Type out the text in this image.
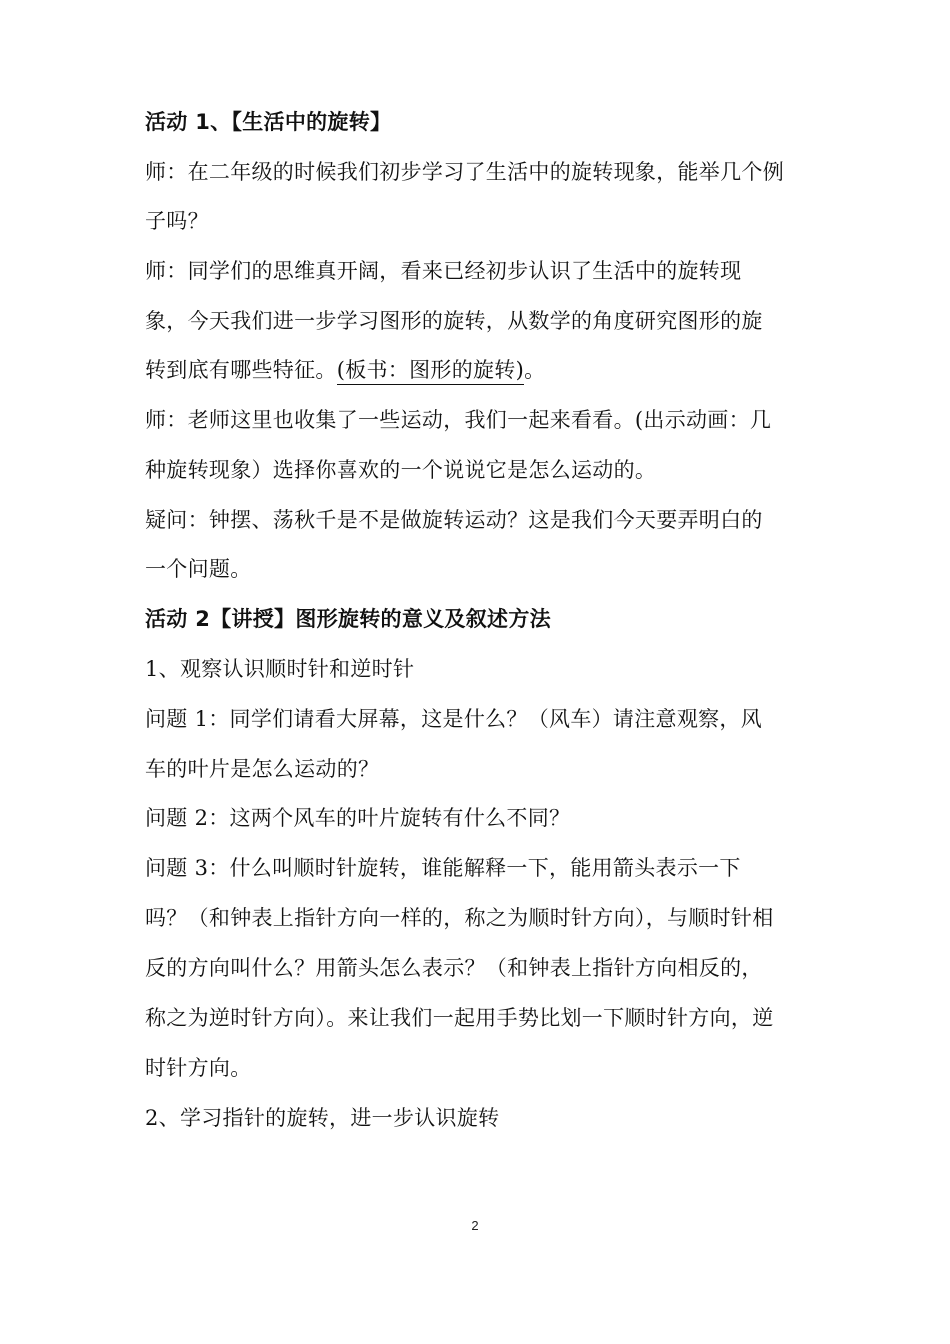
活动 1、【生活中的旋转】
师：在二年级的时候我们初步学习了生活中的旋转现象，能举几个例
子吗？
师：同学们的思维真开阔，看来已经初步认识了生活中的旋转现
象，今天我们进一步学习图形的旋转，从数学的角度研究图形的旋
转到底有哪些特征。(板书：图形的旋转)。
师：老师这里也收集了一些运动，我们一起来看看。(出示动画：几
种旋转现象）选择你喜欢的一个说说它是怎么运动的。
疑问：钟摆、荡秋千是不是做旋转运动？这是我们今天要弄明白的
一个问题。
活动 2【讲授】图形旋转的意义及叙述方法
1、观察认识顺时针和逆时针
问题 1：同学们请看大屏幕，这是什么？（风车）请注意观察，风
车的叶片是怎么运动的？
问题 2：这两个风车的叶片旋转有什么不同？
问题 3：什么叫顺时针旋转，谁能解释一下，能用箭头表示一下
吗？（和钟表上指针方向一样的，称之为顺时针方向），与顺时针相
反的方向叫什么？用箭头怎么表示？（和钟表上指针方向相反的，
称之为逆时针方向）。来让我们一起用手势比划一下顺时针方向，逆
时针方向。
2、学习指针的旋转，进一步认识旋转
2
